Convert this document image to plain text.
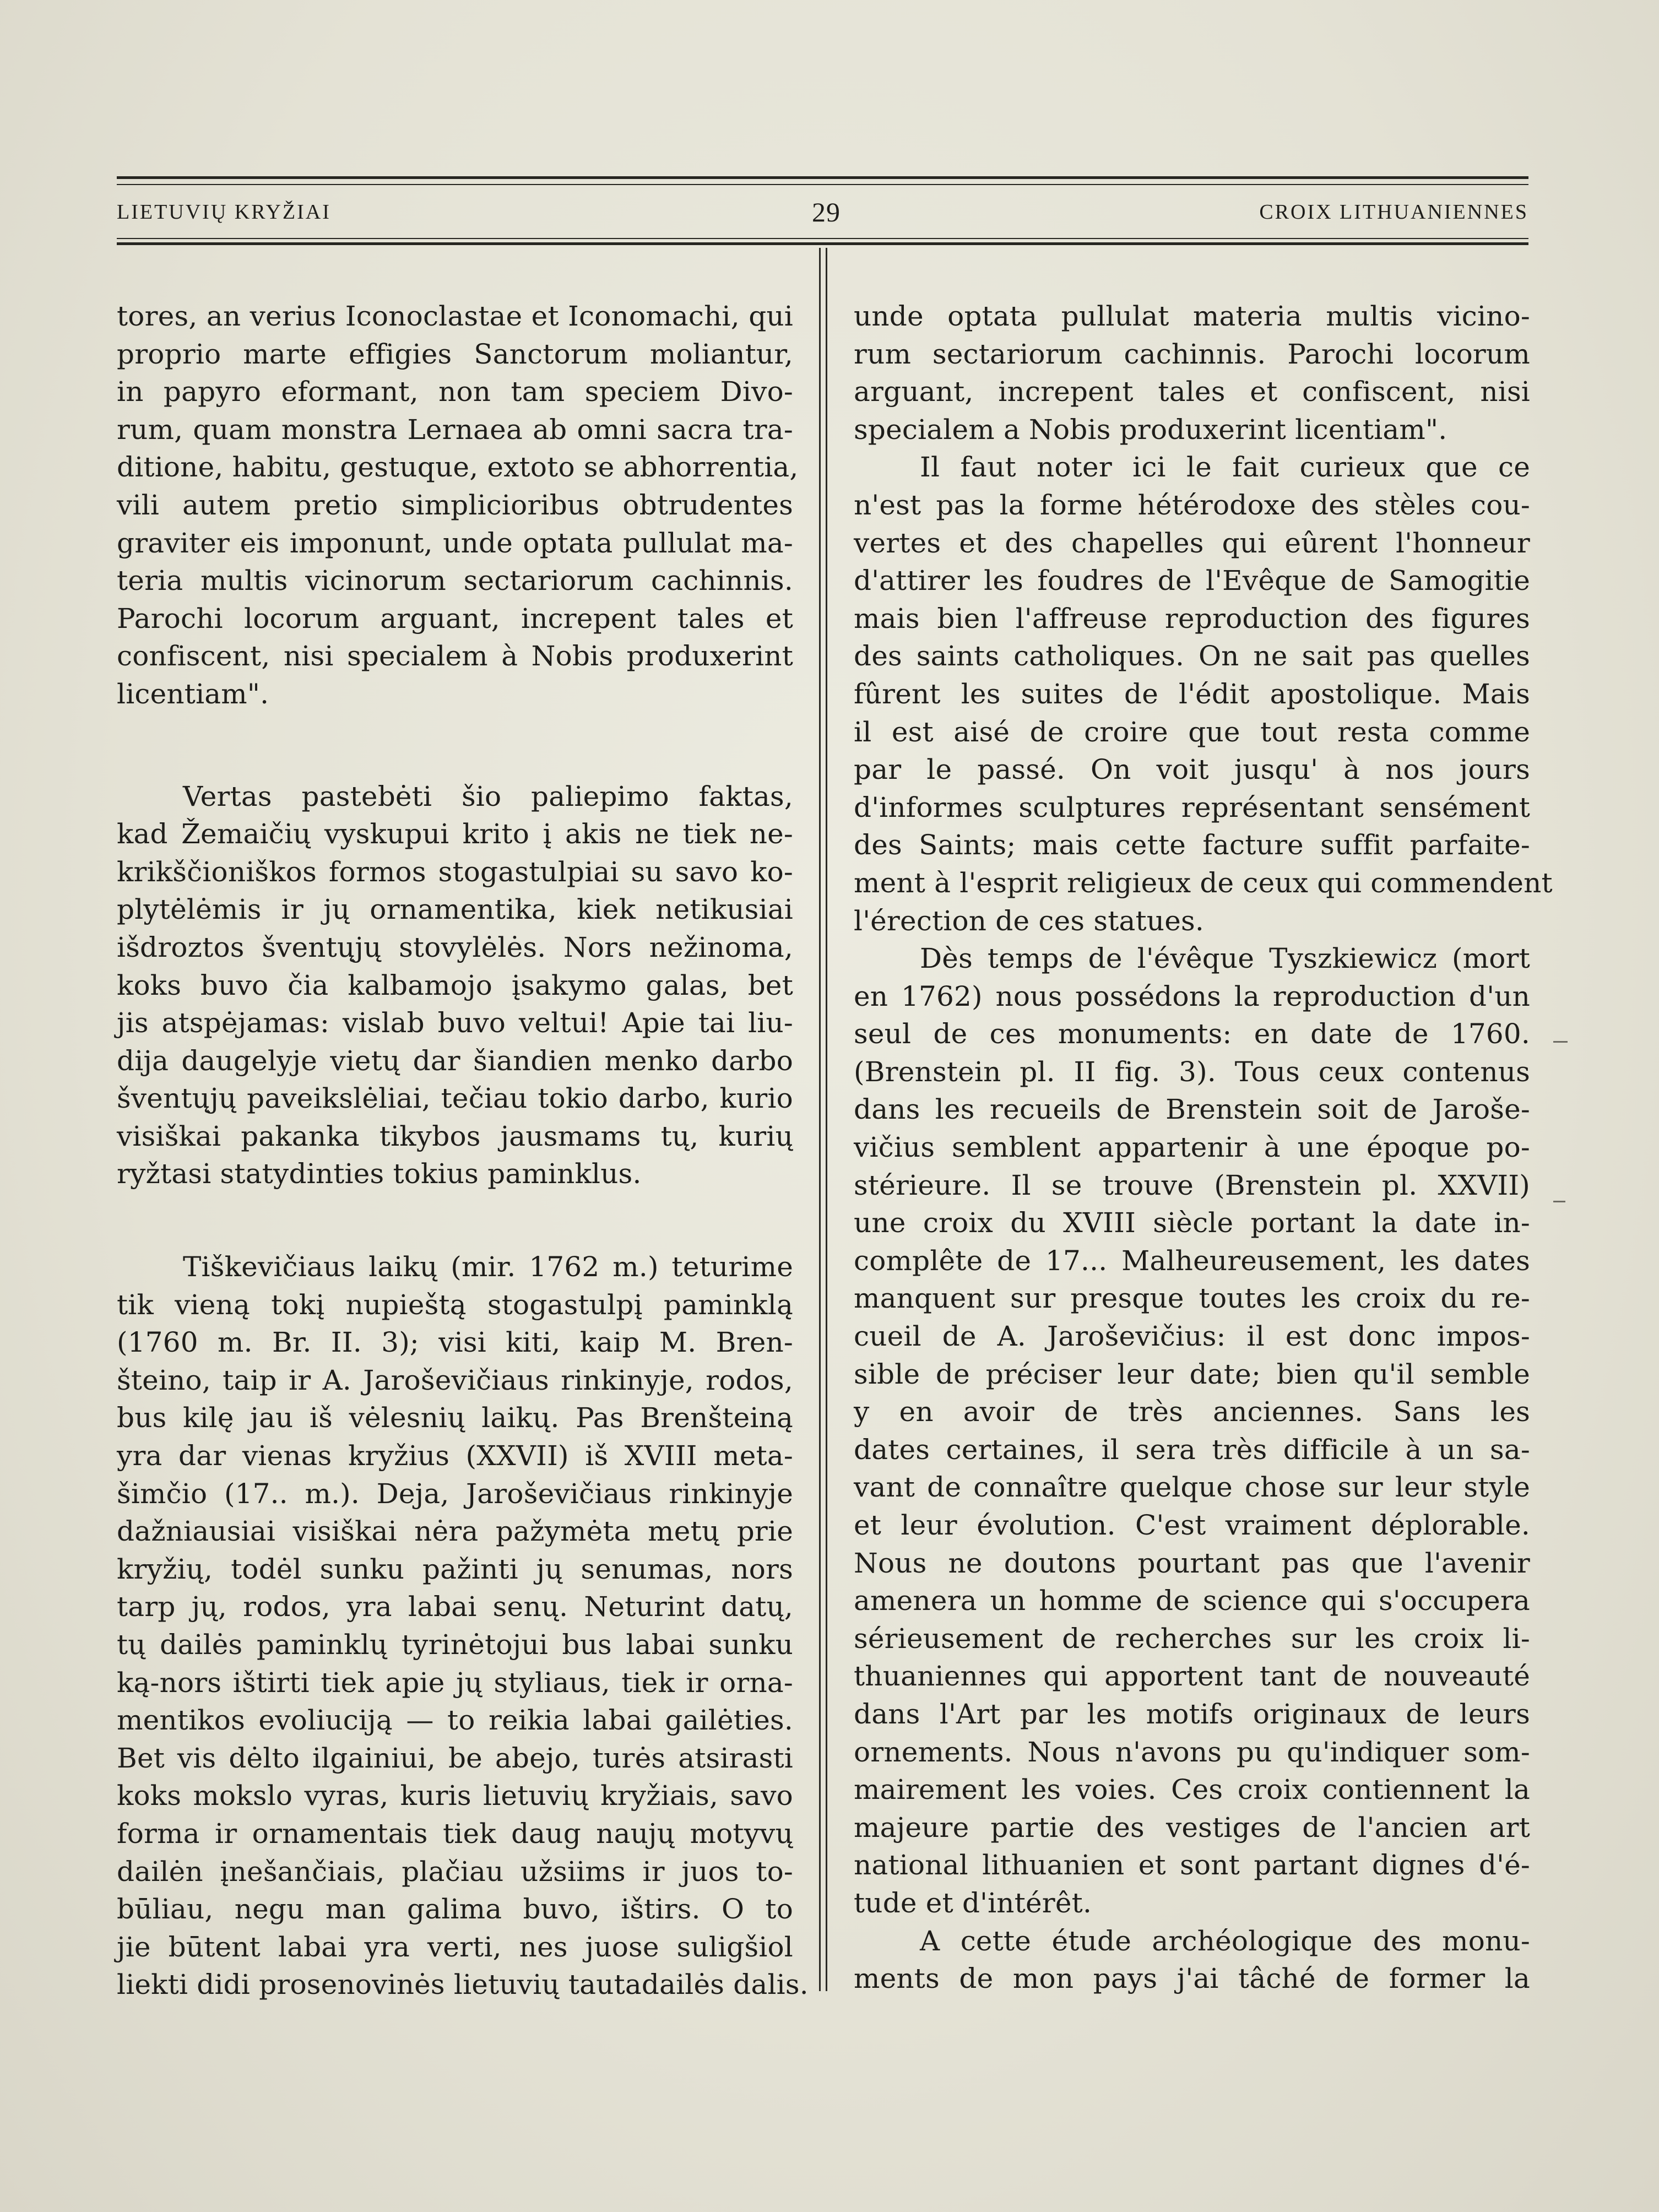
LIETUVIŲ KRYŽIAI	29	CROIX LITHUANIENNES
tores, an verius Iconoclastae et Iconomachi, qui
proprio marte effigies Sanctorum moliantur,
in papyro eformant, non tam speciem Divo-
rum, quam monstra Lernaea ab omni sacra tra-
ditione, habitu, gestuque, extoto se abhorrentia,
vili autem pretio simplicioribus obtrudentes
graviter eis imponunt, unde optata pullulat ma-
teria multis vicinorum sectariorum cachinnis.
Parochi locorum arguant, increpent tales et
confiscent, nisi specialem à Nobis produxerint
licentiam".
Vertas pastebėti šio paliepimo faktas,
kad Žemaičių vyskupui krito į akis ne tiek ne-
krikščioniškos formos stogastulpiai su savo ko-
plytėlėmis ir jų ornamentika, kiek netikusiai
išdroztos šventųjų stovylėlės. Nors nežinoma,
koks buvo čia kalbamojo įsakymo galas, bet
jis atspėjamas: vislab buvo veltui! Apie tai liu-
dija daugelyje vietų dar šiandien menko darbo
šventųjų paveikslėliai, tečiau tokio darbo, kurio
visiškai pakanka tikybos jausmams tų, kurių
ryžtasi statydinties tokius paminklus.
Tiškevičiaus laikų (mir. 1762 m.) teturime
tik vieną tokį nupieštą stogastulpį paminklą
(1760 m. Br. II. 3); visi kiti, kaip M. Bren-
šteino, taip ir A. Jaroševičiaus rinkinyje, rodos,
bus kilę jau iš vėlesnių laikų. Pas Brenšteiną
yra dar vienas kryžius (XXVII) iš XVIII meta-
šimčio (17.. m.). Deja, Jaroševičiaus rinkinyje
dažniausiai visiškai nėra pažymėta metų prie
kryžių, todėl sunku pažinti jų senumas, nors
tarp jų, rodos, yra labai senų. Neturint datų,
tų dailės paminklų tyrinėtojui bus labai sunku
ką-nors ištirti tiek apie jų styliaus, tiek ir orna-
mentikos evoliuciją — to reikia labai gailėties.
Bet vis dėlto ilgainiui, be abejo, turės atsirasti
koks mokslo vyras, kuris lietuvių kryžiais, savo
forma ir ornamentais tiek daug naujų motyvų
dailėn įnešančiais, plačiau užsiims ir juos to-
būliau, negu man galima buvo, ištirs. O to
jie būtent labai yra verti, nes juose suligšiol
liekti didi prosenovinės lietuvių tautadailės dalis.
unde optata pullulat materia multis vicino-
rum sectariorum cachinnis. Parochi locorum
arguant, increpent tales et confiscent, nisi
specialem a Nobis produxerint licentiam".
Il faut noter ici le fait curieux que ce
n'est pas la forme hétérodoxe des stèles cou-
vertes et des chapelles qui eûrent l'honneur
d'attirer les foudres de l'Evêque de Samogitie
mais bien l'affreuse reproduction des figures
des saints catholiques. On ne sait pas quelles
fûrent les suites de l'édit apostolique. Mais
il est aisé de croire que tout resta comme
par le passé. On voit jusqu' à nos jours
d'informes sculptures représentant sensément
des Saints; mais cette facture suffit parfaite-
ment à l'esprit religieux de ceux qui commendent
l'érection de ces statues.
Dès temps de l'évêque Tyszkiewicz (mort
en 1762) nous possédons la reproduction d'un
seul de ces monuments: en date de 1760.
(Brenstein pl. II fig. 3). Tous ceux contenus
dans les recueils de Brenstein soit de Jaroše-
vičius semblent appartenir à une époque po-
stérieure. Il se trouve (Brenstein pl. XXVII)
une croix du XVIII siècle portant la date in-
complête de 17... Malheureusement, les dates
manquent sur presque toutes les croix du re-
cueil de A. Jaroševičius: il est donc impos-
sible de préciser leur date; bien qu'il semble
y en avoir de très anciennes. Sans les
dates certaines, il sera très difficile à un sa-
vant de connaître quelque chose sur leur style
et leur évolution. C'est vraiment déplorable.
Nous ne doutons pourtant pas que l'avenir
amenera un homme de science qui s'occupera
sérieusement de recherches sur les croix li-
thuaniennes qui apportent tant de nouveauté
dans l'Art par les motifs originaux de leurs
ornements. Nous n'avons pu qu'indiquer som-
mairement les voies. Ces croix contiennent la
majeure partie des vestiges de l'ancien art
national lithuanien et sont partant dignes d'é-
tude et d'intérêt.
A cette étude archéologique des monu-
ments de mon pays j'ai tâché de former la
